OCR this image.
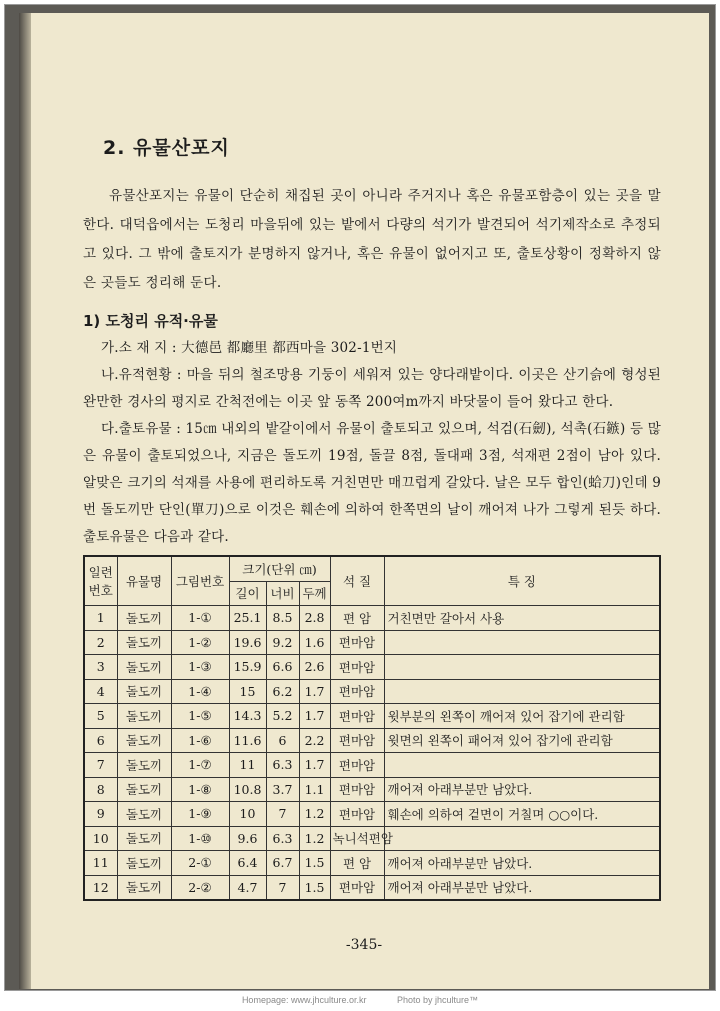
2. 유물산포지

유물산포지는 유물이 단순히 채집된 곳이 아니라 주거지나 혹은 유물포함층이 있는 곳을 말한다. 대덕읍에서는 도청리 마을뒤에 있는 밭에서 다량의 석기가 발견되어 석기제작소로 추정되고 있다. 그 밖에 출토지가 분명하지 않거나, 혹은 유물이 없어지고 또, 출토상황이 정확하지 않은 곳들도 정리해 둔다.

1) 도청리 유적·유물

가.소 재 지 : 大德邑 都廳里 都西마을 302-1번지

나.유적현황 : 마을 뒤의 철조망용 기둥이 세워져 있는 양다래밭이다. 이곳은 산기슭에 형성된 완만한 경사의 평지로 간척전에는 이곳 앞 동쪽 200여m까지 바닷물이 들어 왔다고 한다.

다.출토유물 : 15㎝ 내외의 밭갈이에서 유물이 출토되고 있으며, 석검(石劒), 석촉(石鏃) 등 많은 유물이 출토되었으나, 지금은 돌도끼 19점, 돌끌 8점, 돌대패 3점, 석재편 2점이 남아 있다. 알맞은 크기의 석재를 사용에 편리하도록 거친면만 매끄럽게 갈았다. 날은 모두 합인(蛤刀)인데 9번 돌도끼만 단인(單刀)으로 이것은 훼손에 의하여 한쪽면의 날이 깨어져 나가 그렇게 된듯 하다. 출토유물은 다음과 같다.

일련
번호	유물명	그림번호	크기(단위 ㎝)			석 질	특 징
			길이	너비	두께		
1	돌도끼	1-①	25.1	8.5	2.8	편 암	거친면만 갈아서 사용
2	돌도끼	1-②	19.6	9.2	1.6	편마암	
3	돌도끼	1-③	15.9	6.6	2.6	편마암	
4	돌도끼	1-④	15	6.2	1.7	편마암	
5	돌도끼	1-⑤	14.3	5.2	1.7	편마암	윗부분의 왼쪽이 깨어져 있어 잡기에 관리함
6	돌도끼	1-⑥	11.6	6	2.2	편마암	윗면의 왼쪽이 패어져 있어 잡기에 관리함
7	돌도끼	1-⑦	11	6.3	1.7	편마암	
8	돌도끼	1-⑧	10.8	3.7	1.1	편마암	깨어져 아래부분만 남았다.
9	돌도끼	1-⑨	10	7	1.2	편마암	훼손에 의하여 겉면이 거칠며 ○○이다.
10	돌도끼	1-⑩	9.6	6.3	1.2	녹니석편암	
11	돌도끼	2-①	6.4	6.7	1.5	편 암	깨어져 아래부분만 남았다.
12	돌도끼	2-②	4.7	7	1.5	편마암	깨어져 아래부분만 남았다.
-345-
Homepage: www.jhculture.or.kr	Photo by jhculture™
